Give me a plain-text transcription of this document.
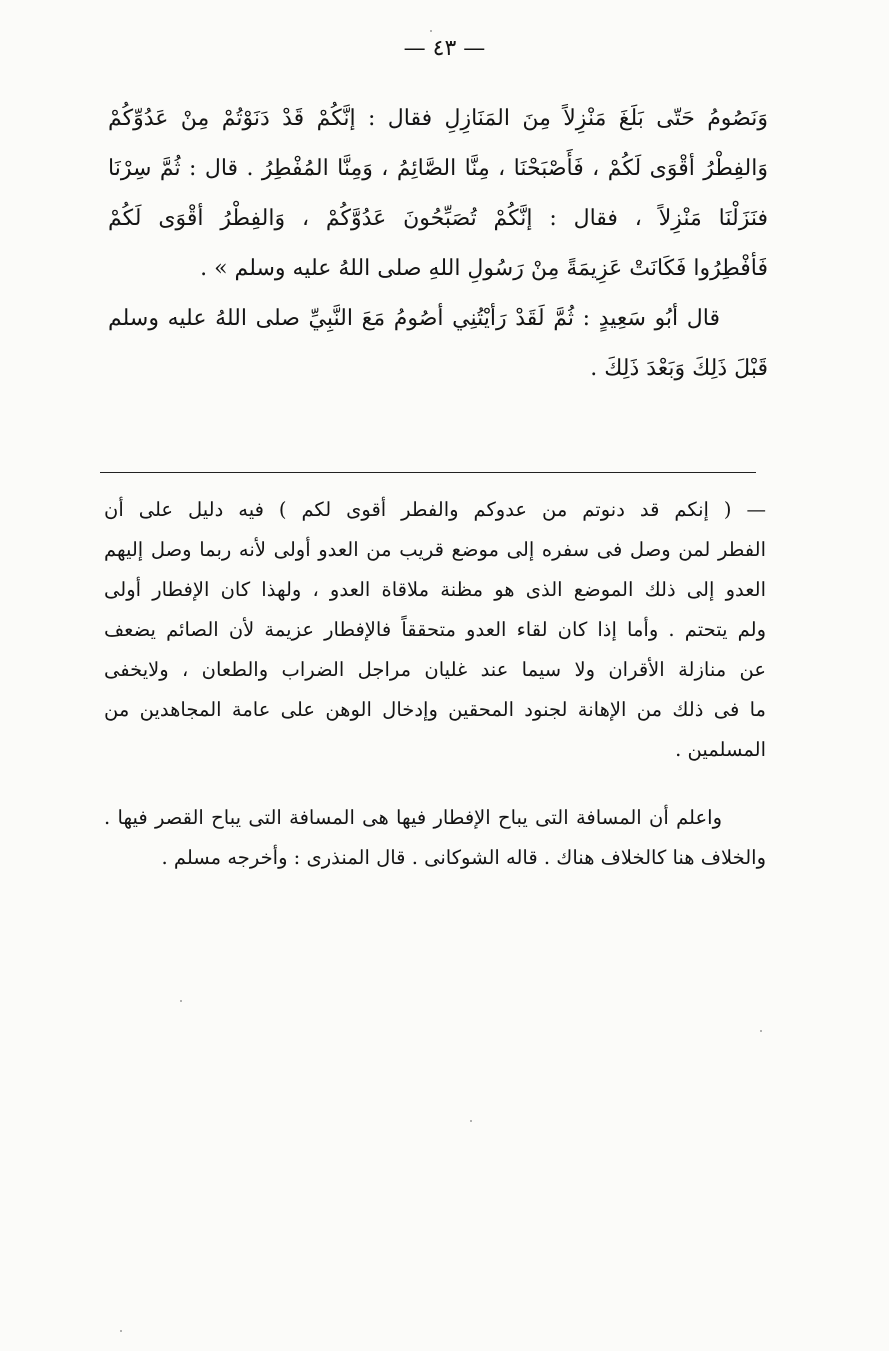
— ٤٣ —

وَنَصُومُ حَتّى بَلَغَ مَنْزِلاً مِنَ المَنَازِلِ فقال : إنَّكُمْ قَدْ دَنَوْتُمْ مِنْ عَدُوِّكُمْ

وَالفِطْرُ أقْوَى لَكُمْ ، فَأَصْبَحْنَا ، مِنَّا الصَّائِمُ ، وَمِنَّا المُفْطِرُ . قال : ثُمَّ سِرْنَا

فنَزَلْنَا مَنْزِلاً ، فقال : إنَّكُمْ تُصَبِّحُونَ عَدُوَّكُمْ ، وَالفِطْرُ أقْوَى لَكُمْ

فَأفْطِرُوا فَكَانَتْ عَزِيمَةً مِنْ رَسُولِ اللهِ صلى اللهُ عليه وسلم » .

قال أبُو سَعِيدٍ : ثُمَّ لَقَدْ رَأيْتُنِي أصُومُ مَعَ النَّبِيِّ صلى اللهُ عليه وسلم

قَبْلَ ذَلِكَ وَبَعْدَ ذَلِكَ .

— ( إنكم قد دنوتم من عدوكم والفطر أقوى لكم ) فيه دليل على أن

الفطر لمن وصل فى سفره إلى موضع قريب من العدو أولى لأنه ربما وصل إليهم

العدو إلى ذلك الموضع الذى هو مظنة ملاقاة العدو ، ولهذا كان الإفطار أولى

ولم يتحتم . وأما إذا كان لقاء العدو متحققاً فالإفطار عزيمة لأن الصائم يضعف

عن منازلة الأقران ولا سيما عند غليان مراجل الضراب والطعان ، ولايخفى

ما فى ذلك من الإهانة لجنود المحقين وإدخال الوهن على عامة المجاهدين من

المسلمين .

واعلم أن المسافة التى يباح الإفطار فيها هى المسافة التى يباح القصر فيها .

والخلاف هنا كالخلاف هناك . قاله الشوكانى . قال المنذرى : وأخرجه مسلم .
